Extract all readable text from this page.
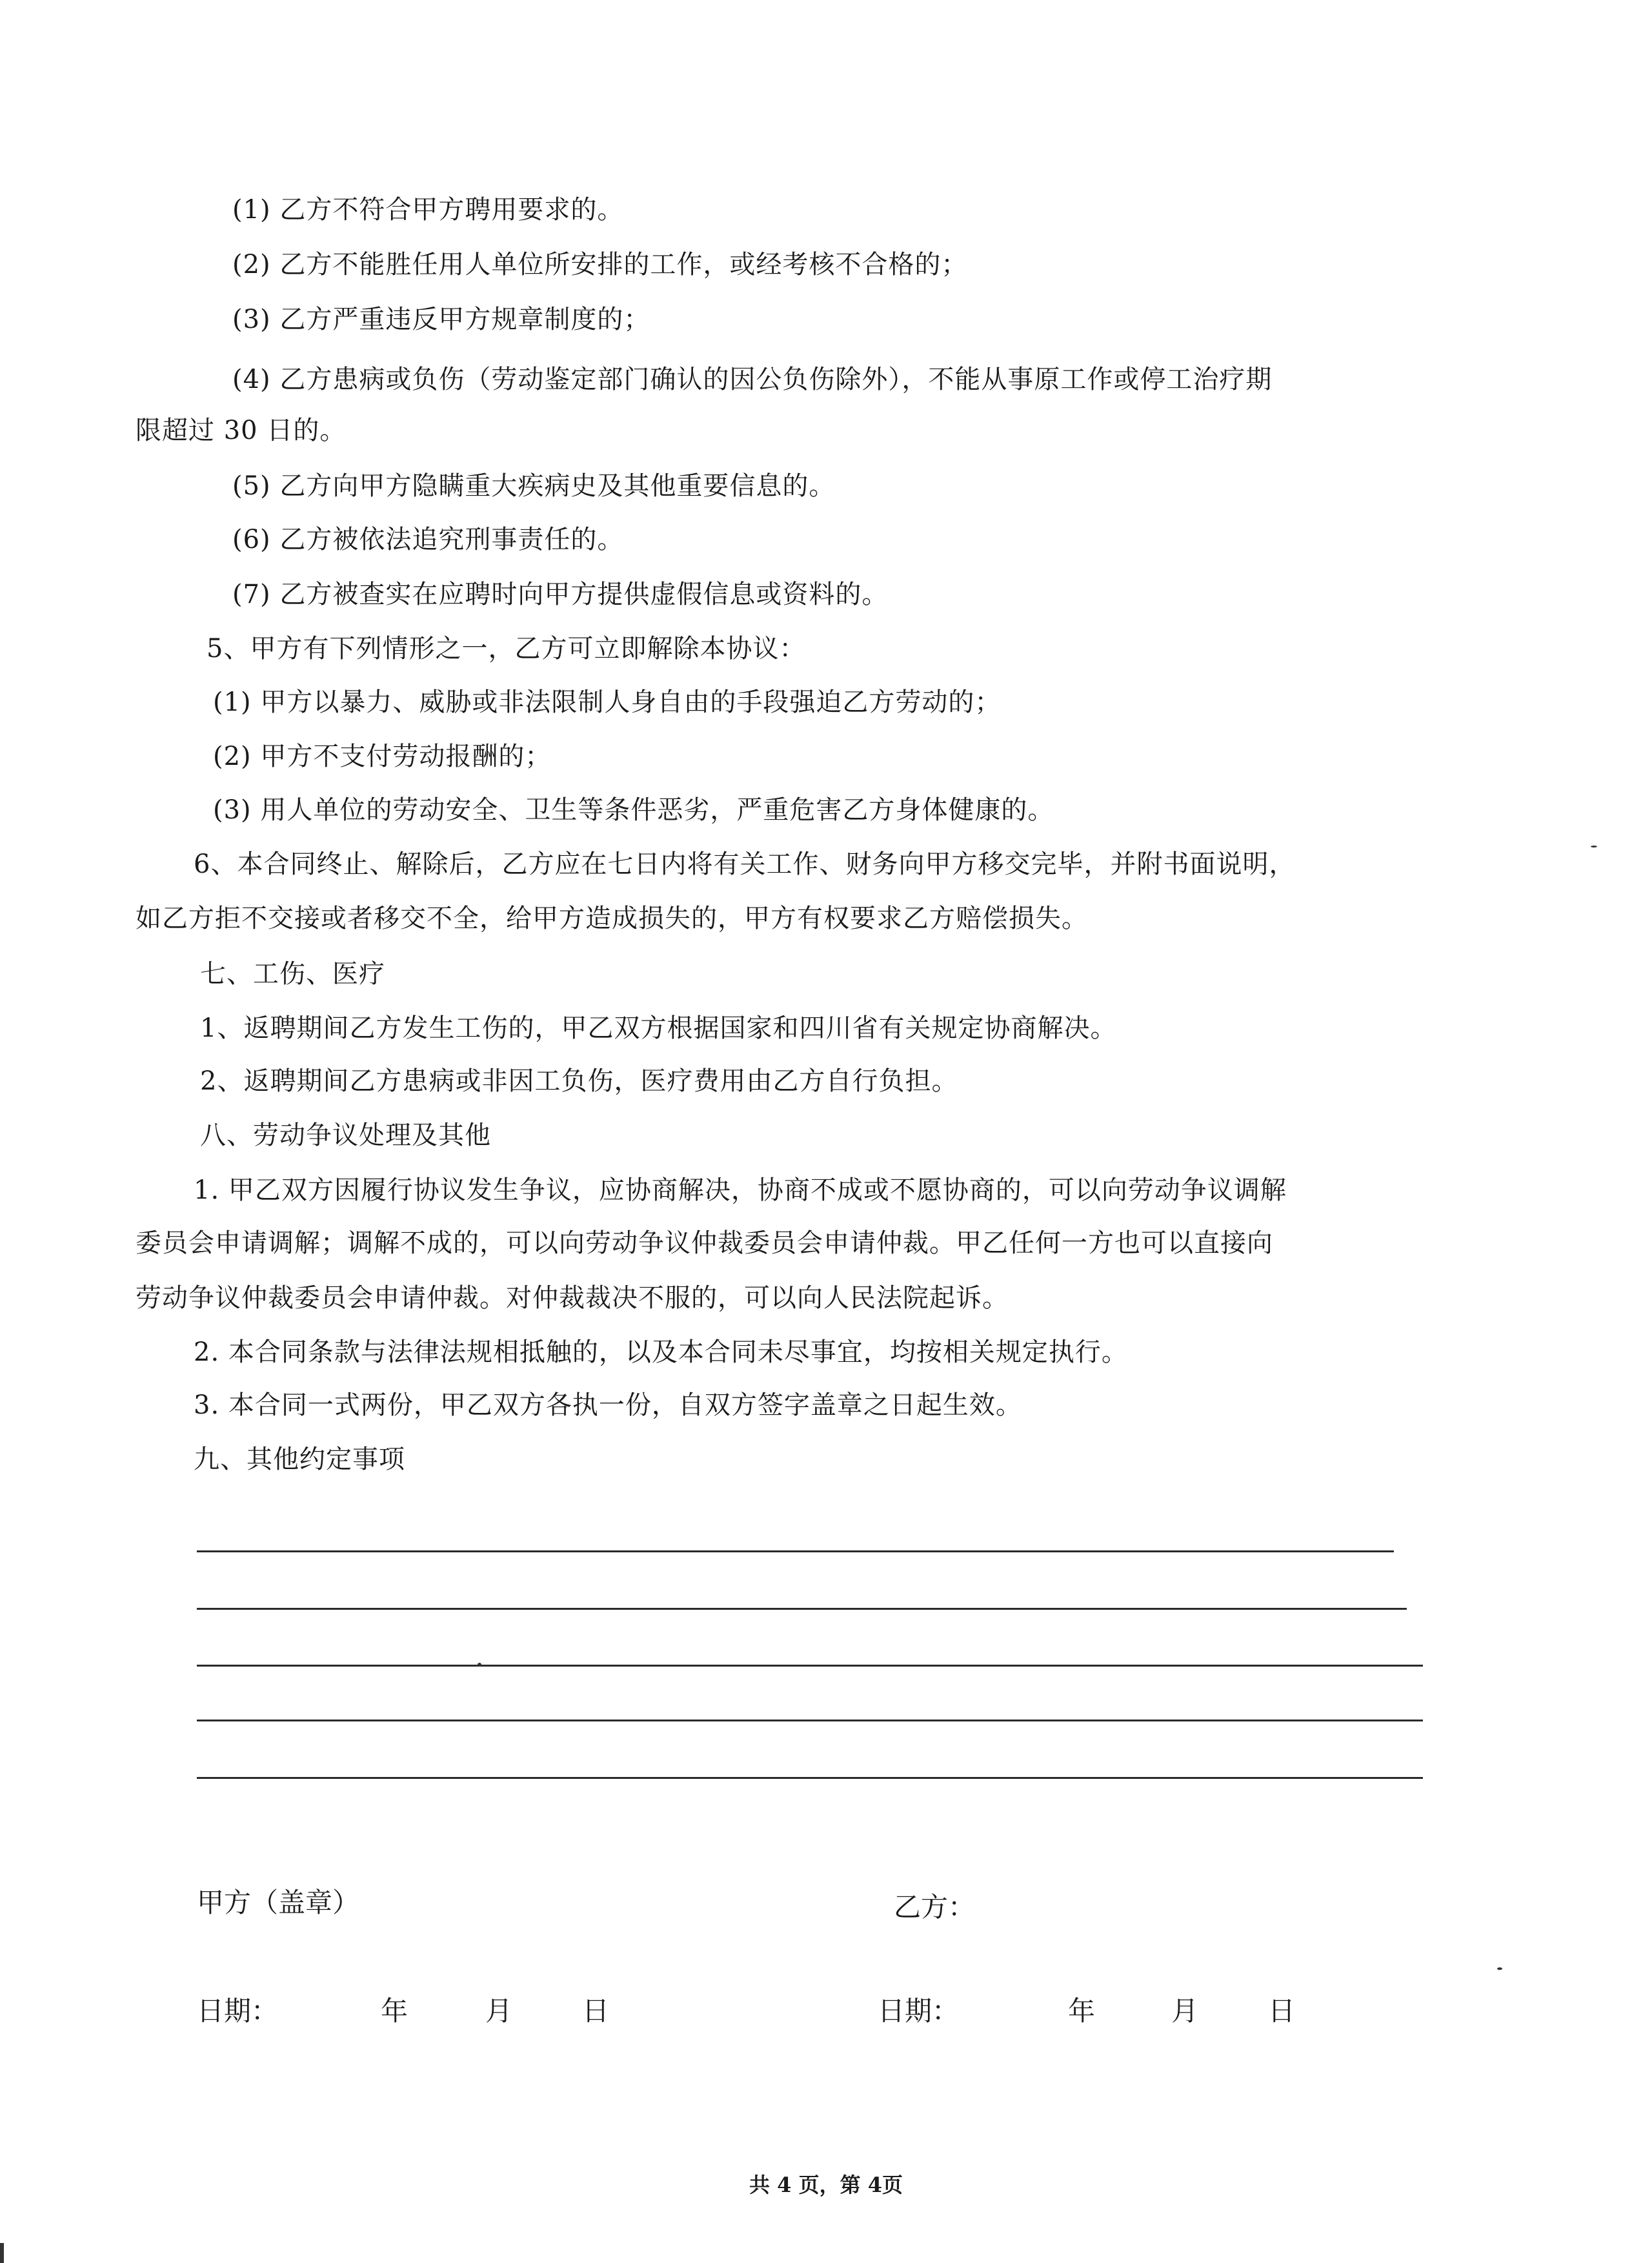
(1) 乙方不符合甲方聘用要求的。
(2) 乙方不能胜任用人单位所安排的工作，或经考核不合格的；
(3) 乙方严重违反甲方规章制度的；
(4) 乙方患病或负伤（劳动鉴定部门确认的因公负伤除外），不能从事原工作或停工治疗期
限超过 30 日的。
(5) 乙方向甲方隐瞒重大疾病史及其他重要信息的。
(6) 乙方被依法追究刑事责任的。
(7) 乙方被查实在应聘时向甲方提供虚假信息或资料的。
5、甲方有下列情形之一，乙方可立即解除本协议：
(1) 甲方以暴力、威胁或非法限制人身自由的手段强迫乙方劳动的；
(2) 甲方不支付劳动报酬的；
(3) 用人单位的劳动安全、卫生等条件恶劣，严重危害乙方身体健康的。
6、本合同终止、解除后，乙方应在七日内将有关工作、财务向甲方移交完毕，并附书面说明，
如乙方拒不交接或者移交不全，给甲方造成损失的，甲方有权要求乙方赔偿损失。
七、工伤、医疗
1、返聘期间乙方发生工伤的，甲乙双方根据国家和四川省有关规定协商解决。
2、返聘期间乙方患病或非因工负伤，医疗费用由乙方自行负担。
八、劳动争议处理及其他
1. 甲乙双方因履行协议发生争议，应协商解决，协商不成或不愿协商的，可以向劳动争议调解
委员会申请调解；调解不成的，可以向劳动争议仲裁委员会申请仲裁。甲乙任何一方也可以直接向
劳动争议仲裁委员会申请仲裁。对仲裁裁决不服的，可以向人民法院起诉。
2. 本合同条款与法律法规相抵触的，以及本合同未尽事宜，均按相关规定执行。
3. 本合同一式两份，甲乙双方各执一份，自双方签字盖章之日起生效。
九、其他约定事项
甲方（盖章）	乙方：
日期：	年	月	日	日期：	年	月	日
共 4 页，第 4页
